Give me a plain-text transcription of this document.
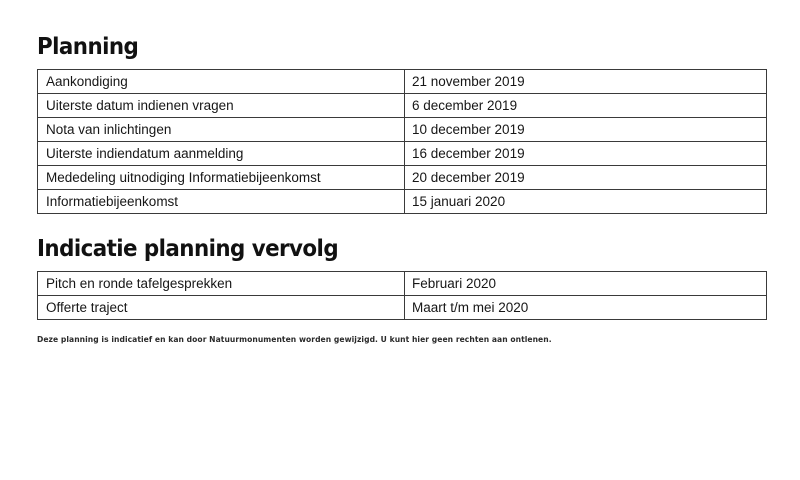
Planning
Aankondiging	21 november 2019
Uiterste datum indienen vragen	6 december 2019
Nota van inlichtingen	10 december 2019
Uiterste indiendatum aanmelding	16 december 2019
Mededeling uitnodiging Informatiebijeenkomst	20 december 2019
Informatiebijeenkomst	15 januari 2020
Indicatie planning vervolg
Pitch en ronde tafelgesprekken	Februari 2020
Offerte traject	Maart t/m mei 2020

Deze planning is indicatief en kan door Natuurmonumenten worden gewijzigd. U kunt hier geen rechten aan ontlenen.
